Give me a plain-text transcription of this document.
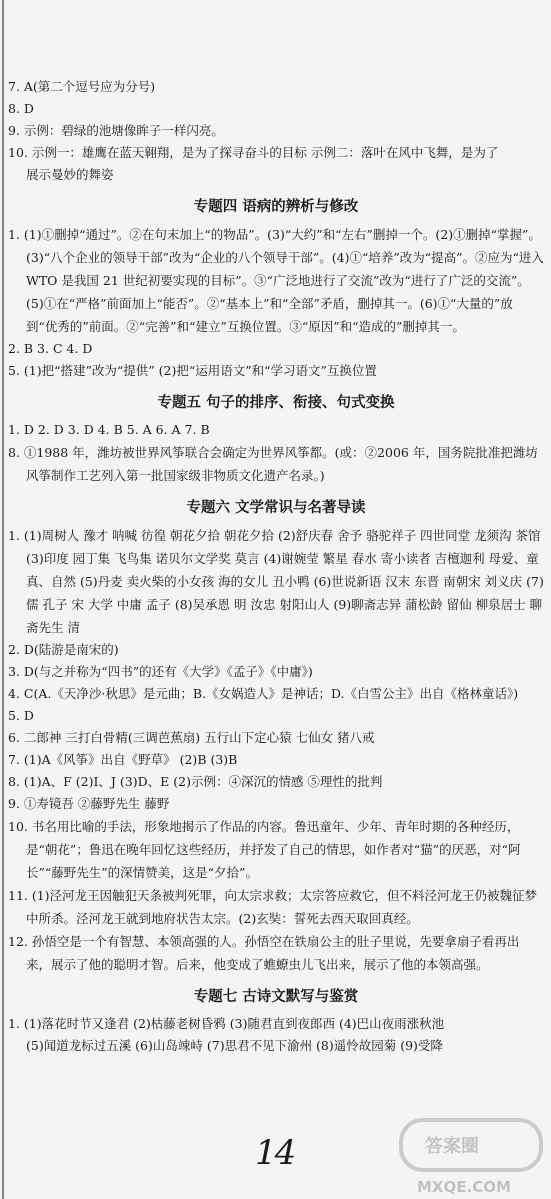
7. A(第二个逗号应为分号)
8. D
9. 示例：碧绿的池塘像眸子一样闪亮。
10. 示例一：雄鹰在蓝天翱翔，是为了探寻奋斗的目标 示例二：落叶在风中飞舞，是为了
展示曼妙的舞姿
专题四 语病的辨析与修改
1. (1)①删掉“通过”。②在句末加上“的物品”。(3)“大约”和“左右”删掉一个。(2)①删掉“掌握”。(3)“八个企业的领导干部”改为“企业的八个领导干部”。(4)①“培养”改为“提高”。②应为“进入 WTO 是我国 21 世纪初要实现的目标”。③“广泛地进行了交流”改为“进行了广泛的交流”。(5)①在“严格”前面加上“能否”。②“基本上”和“全部”矛盾，删掉其一。(6)①“大量的”放到“优秀的”前面。②“完善”和“建立”互换位置。③“原因”和“造成的”删掉其一。
2. B 3. C 4. D
5. (1)把“搭建”改为“提供” (2)把“运用语文”和“学习语文”互换位置
专题五 句子的排序、衔接、句式变换
1. D 2. D 3. D 4. B 5. A 6. A 7. B
8. ①1988 年，潍坊被世界风筝联合会确定为世界风筝都。(或：②2006 年，国务院批准把潍坊风筝制作工艺列入第一批国家级非物质文化遗产名录。)
专题六 文学常识与名著导读
1. (1)周树人 豫才 呐喊 彷徨 朝花夕拾 朝花夕拾 (2)舒庆春 舍予 骆驼祥子 四世同堂 龙须沟 茶馆 (3)印度 园丁集 飞鸟集 诺贝尔文学奖 莫言 (4)谢婉莹 繁星 春水 寄小读者 吉檀迦利 母爱、童真、自然 (5)丹麦 卖火柴的小女孩 海的女儿 丑小鸭 (6)世说新语 汉末 东晋 南朝宋 刘义庆 (7)儒 孔子 宋 大学 中庸 孟子 (8)吴承恩 明 汝忠 射阳山人 (9)聊斋志异 蒲松龄 留仙 柳泉居士 聊斋先生 清
2. D(陆游是南宋的)
3. D(与之并称为“四书”的还有《大学》《孟子》《中庸》)
4. C(A.《天净沙·秋思》是元曲；B.《女娲造人》是神话；D.《白雪公主》出自《格林童话》)
5. D
6. 二郎神 三打白骨精(三调芭蕉扇) 五行山下定心猿 七仙女 猪八戒
7. (1)A《风筝》出自《野草》 (2)B (3)B
8. (1)A、F (2)I、J (3)D、E (2)示例：④深沉的情感 ⑤理性的批判
9. ①寿镜吾 ②藤野先生 藤野
10. 书名用比喻的手法，形象地揭示了作品的内容。鲁迅童年、少年、青年时期的各种经历，是“朝花”；鲁迅在晚年回忆这些经历，并抒发了自己的情思，如作者对“猫”的厌恶，对“阿长”“藤野先生”的深情赞美，这是“夕拾”。
11. (1)泾河龙王因触犯天条被判死罪，向太宗求救；太宗答应救它，但不料泾河龙王仍被魏征梦中所杀。泾河龙王就到地府状告太宗。(2)玄奘：誓死去西天取回真经。
12. 孙悟空是一个有智慧、本领高强的人。孙悟空在铁扇公主的肚子里说，先要拿扇子看再出来，展示了他的聪明才智。后来，他变成了蟭蟟虫儿飞出来，展示了他的本领高强。
专题七 古诗文默写与鉴赏
1. (1)落花时节又逢君 (2)枯藤老树昏鸦 (3)随君直到夜郎西 (4)巴山夜雨涨秋池
(5)闻道龙标过五溪 (6)山岛竦峙 (7)思君不见下渝州 (8)遥怜故园菊 (9)受降
14	答案圈
MXQE.COM
